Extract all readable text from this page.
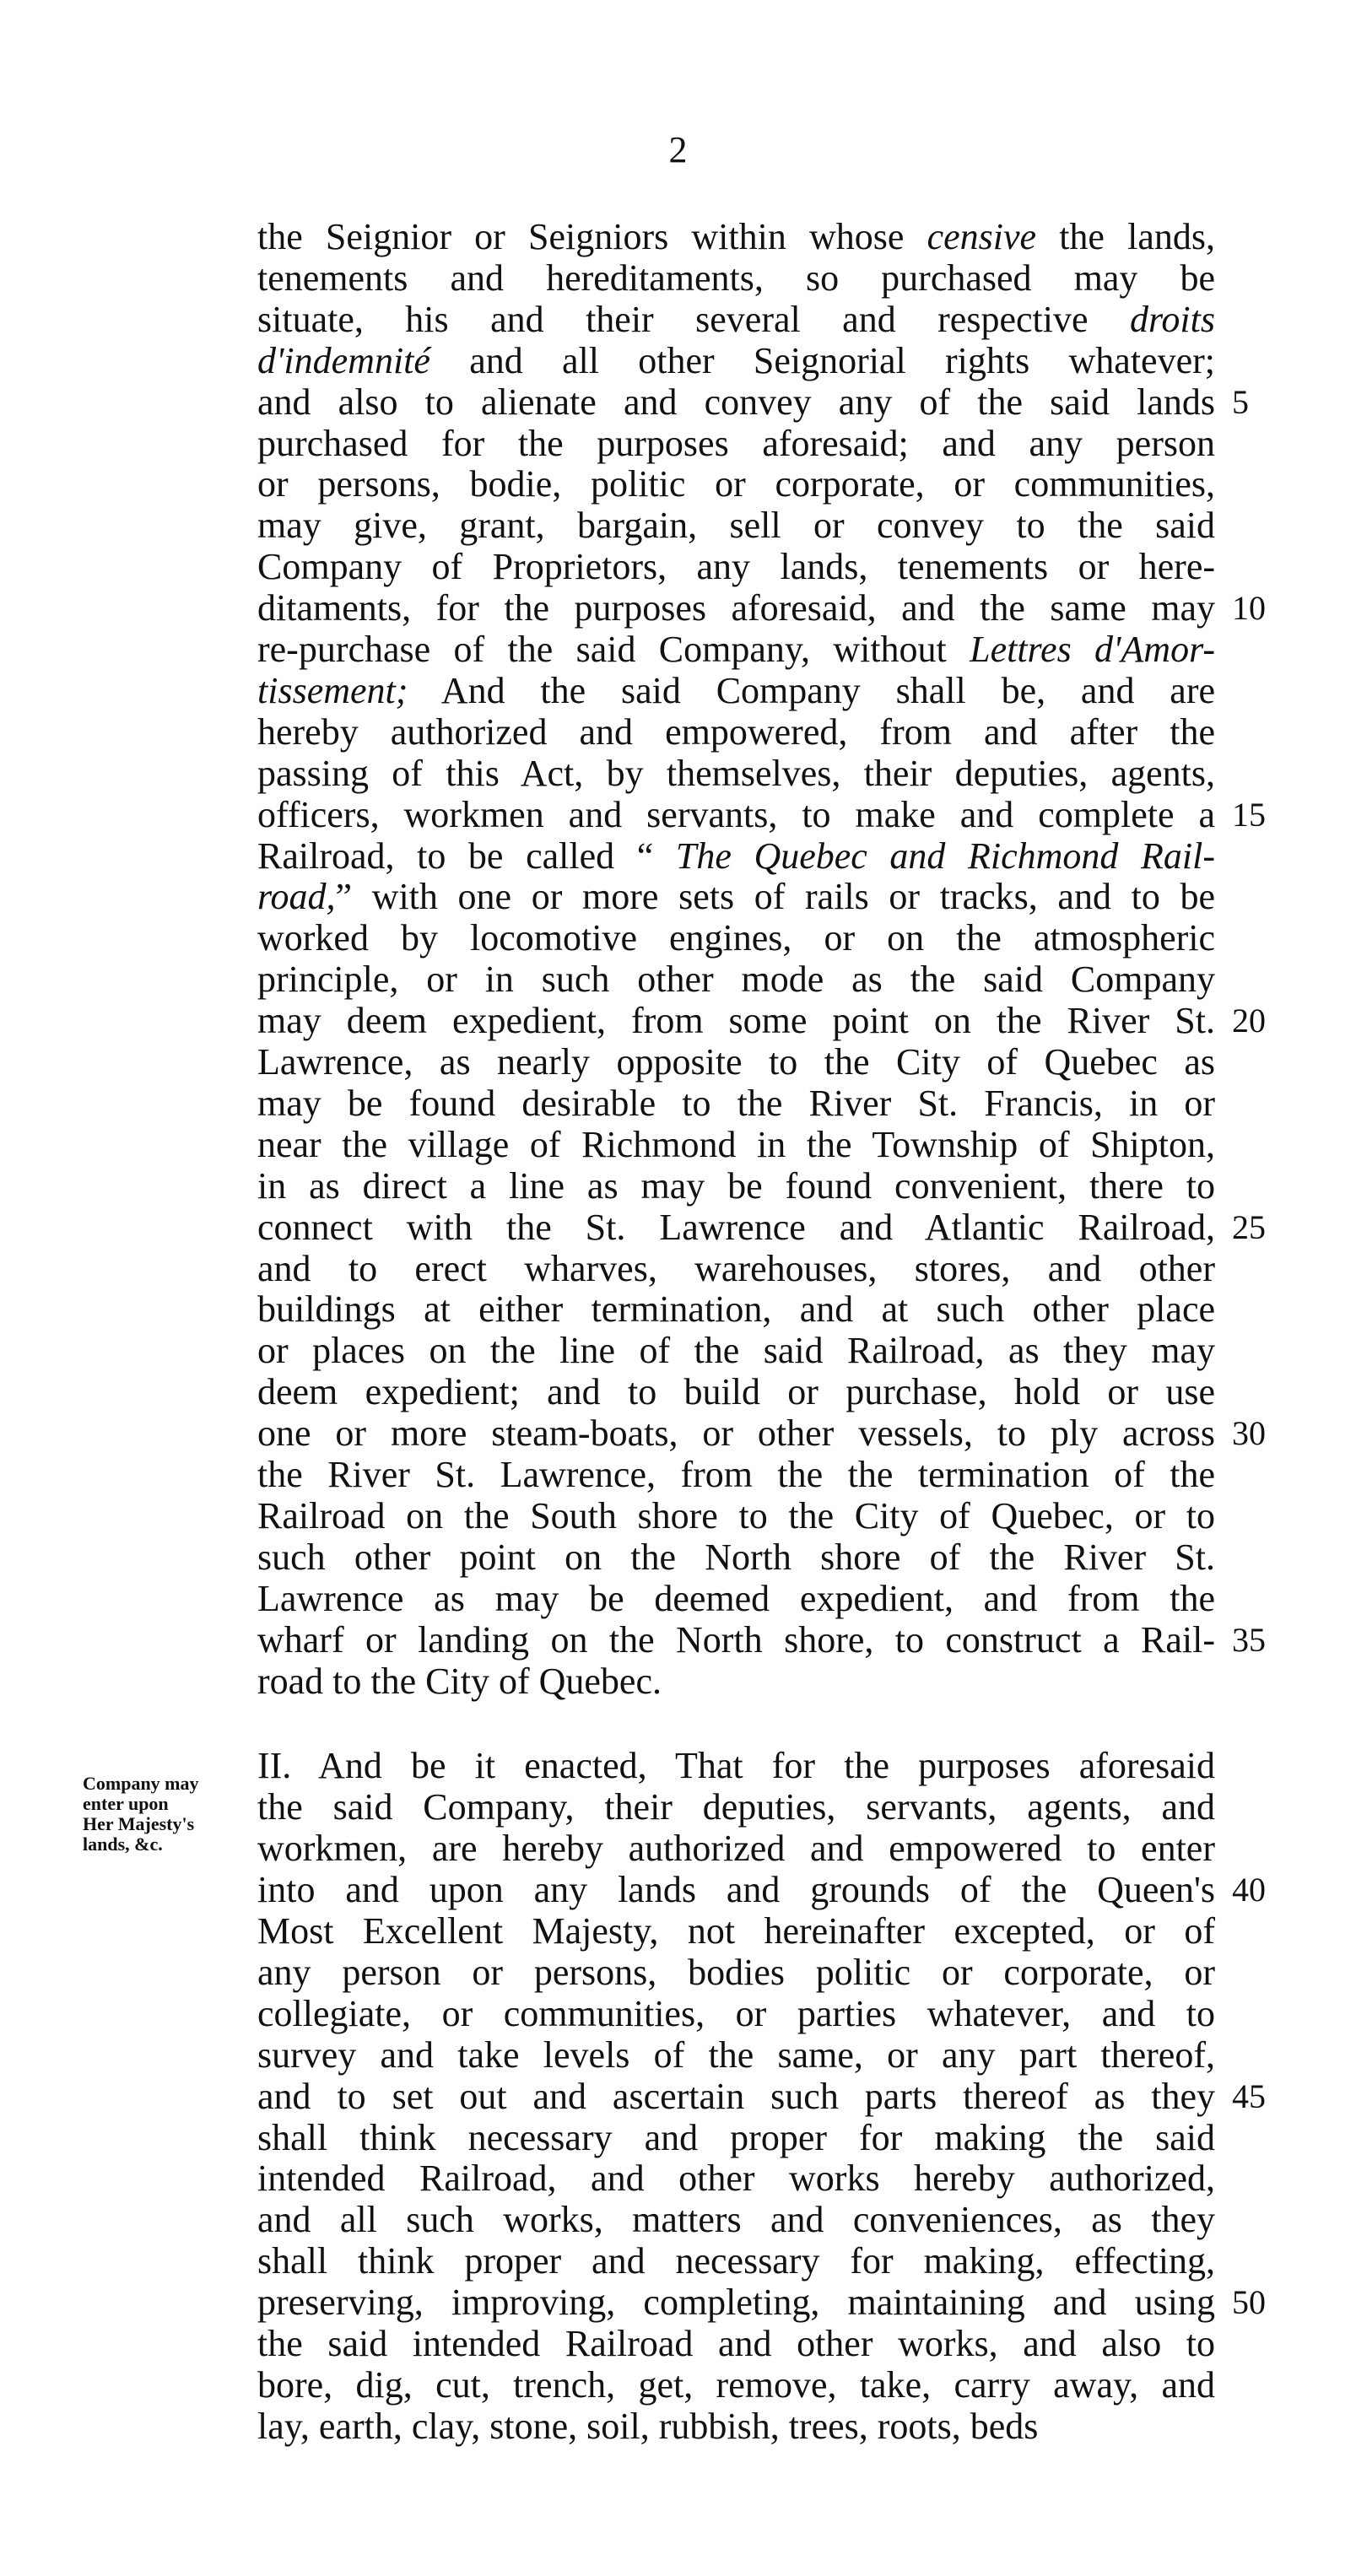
2
the Seignior or Seigniors within whose censive the lands,
tenements and hereditaments, so purchased may be
situate, his and their several and respective droits
d'indemnité and all other Seignorial rights whatever;
and also to alienate and convey any of the said lands
purchased for the purposes aforesaid; and any person
or persons, bodie, politic or corporate, or communities,
may give, grant, bargain, sell or convey to the said
Company of Proprietors, any lands, tenements or here-
ditaments, for the purposes aforesaid, and the same may
re-purchase of the said Company, without Lettres d'Amor-
tissement; And the said Company shall be, and are
hereby authorized and empowered, from and after the
passing of this Act, by themselves, their deputies, agents,
officers, workmen and servants, to make and complete a
Railroad, to be called “ The Quebec and Richmond Rail-
road,” with one or more sets of rails or tracks, and to be
worked by locomotive engines, or on the atmospheric
principle, or in such other mode as the said Company
may deem expedient, from some point on the River St.
Lawrence, as nearly opposite to the City of Quebec as
may be found desirable to the River St. Francis, in or
near the village of Richmond in the Township of Shipton,
in as direct a line as may be found convenient, there to
connect with the St. Lawrence and Atlantic Railroad,
and to erect wharves, warehouses, stores, and other
buildings at either termination, and at such other place
or places on the line of the said Railroad, as they may
deem expedient; and to build or purchase, hold or use
one or more steam-boats, or other vessels, to ply across
the River St. Lawrence, from the the termination of the
Railroad on the South shore to the City of Quebec, or to
such other point on the North shore of the River St.
Lawrence as may be deemed expedient, and from the
wharf or landing on the North shore, to construct a Rail-
road to the City of Quebec.
II. And be it enacted, That for the purposes aforesaid
the said Company, their deputies, servants, agents, and
workmen, are hereby authorized and empowered to enter
into and upon any lands and grounds of the Queen's
Most Excellent Majesty, not hereinafter excepted, or of
any person or persons, bodies politic or corporate, or
collegiate, or communities, or parties whatever, and to
survey and take levels of the same, or any part thereof,
and to set out and ascertain such parts thereof as they
shall think necessary and proper for making the said
intended Railroad, and other works hereby authorized,
and all such works, matters and conveniences, as they
shall think proper and necessary for making, effecting,
preserving, improving, completing, maintaining and using
the said intended Railroad and other works, and also to
bore, dig, cut, trench, get, remove, take, carry away, and
lay, earth, clay, stone, soil, rubbish, trees, roots, beds
5
10
15
20
25
30
35
40
45
50
Company may
enter upon
Her Majesty's
lands, &c.
